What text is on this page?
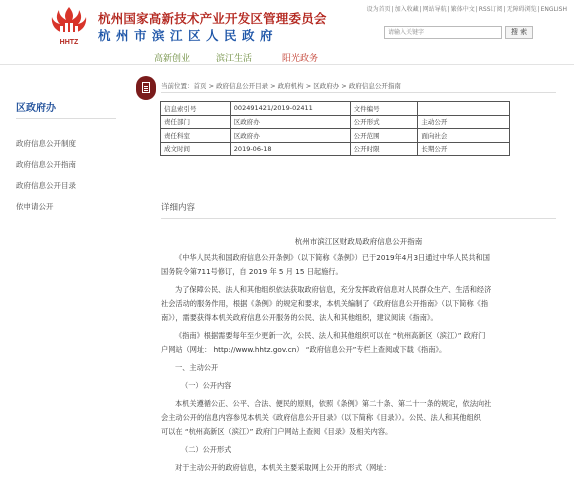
设为首页|加入收藏|网站导航|繁体中文|RSS订阅|无障碍浏览|ENGLISH
HHTZ
杭州国家高新技术产业开发区管理委员会
杭州市滨江区人民政府	请输入关键字	搜 索
高新创业	滨江生活	阳光政务
区政府办
政府信息公开制度
政府信息公开指南
政府信息公开目录
依申请公开
当前位置：首页 > 政府信息公开目录 > 政府机构 > 区政府办 > 政府信息公开指南
信息索引号	002491421/2019-02411	文件编号	
责任部门	区政府办	公开形式	主动公开
责任科室	区政府办	公开范围	面向社会
成文时间	2019-06-18	公开时限	长期公开
详细内容
杭州市滨江区财政局政府信息公开指南
《中华人民共和国政府信息公开条例》（以下简称《条例》）已于2019年4月3日通过中华人民共和国
国务院令第711号修订，自 2019 年 5 月 15 日起施行。
为了保障公民、法人和其他组织依法获取政府信息，充分发挥政府信息对人民群众生产、生活和经济
社会活动的服务作用，根据《条例》的规定和要求，本机关编制了《政府信息公开指南》（以下简称《指
南》），需要获得本机关政府信息公开服务的公民、法人和其他组织，建议阅读《指南》。
《指南》根据需要每年至少更新一次，公民、法人和其他组织可以在 “杭州高新区（滨江）” 政府门
户网站（网址： http://www.hhtz.gov.cn） “政府信息公开”专栏上查阅或下载《指南》。
一、主动公开
（一）公开内容
本机关遵循公正、公平、合法、便民的原则，依照《条例》第二十条、第二十一条的规定，依法向社
会主动公开的信息内容参见本机关《政府信息公开目录》（以下简称《目录》）。公民、法人和其他组织
可以在 “杭州高新区（滨江）” 政府门户网站上查阅《目录》及相关内容。
（二）公开形式
对于主动公开的政府信息，本机关主要采取网上公开的形式（网址：
